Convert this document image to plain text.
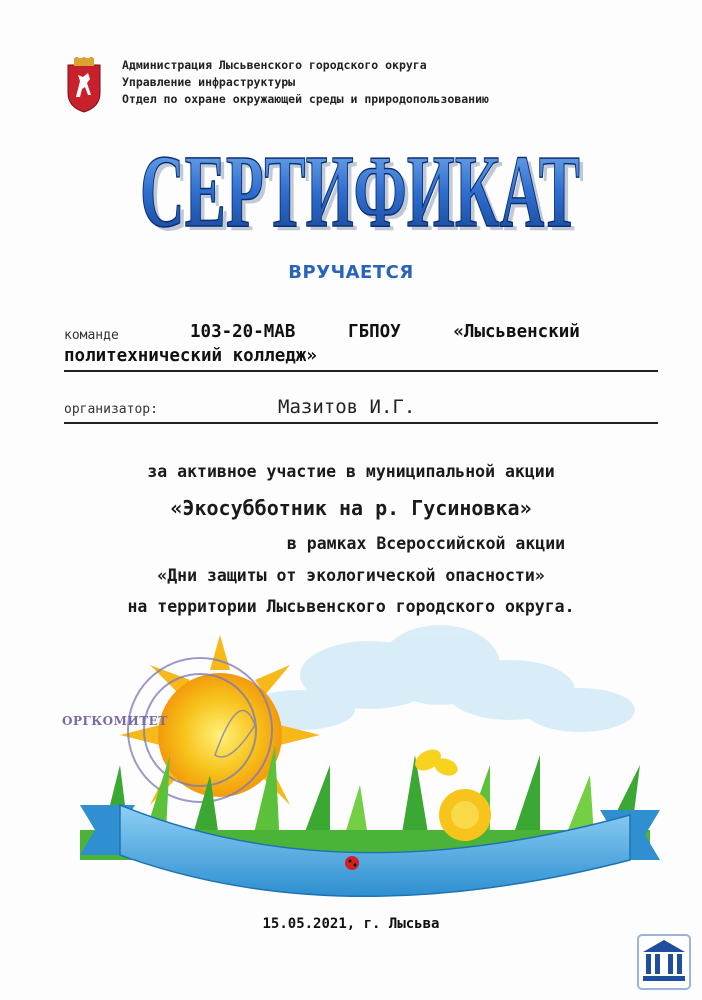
Администрация Лысьвенского городского округа
Управление инфраструктуры
Отдел по охране окружающей среды и природопользованию
СЕРТИФИКАТ
СЕРТИФИКАТ
ВРУЧАЕТСЯ
команде	103-20-МАВ     ГБПОУ     «Лысьвенский
политехнический колледж»
организатор:	Мазитов И.Г.
за активное участие в муниципальной акции
«Экосубботник на р. Гусиновка»
в рамках Всероссийской акции
«Дни защиты от экологической опасности»
на территории Лысьвенского городского округа.
ОРГКОМИТЕТ
15.05.2021, г. Лысьва
